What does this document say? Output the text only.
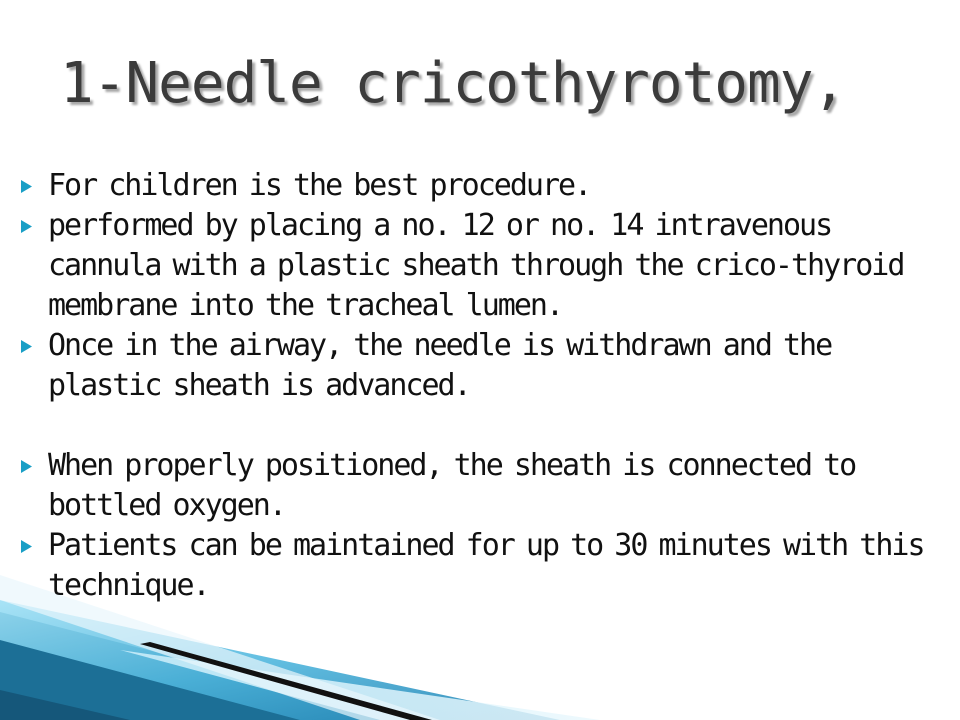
1-Needle cricothyrotomy,
For children is the best procedure.
performed by placing a no. 12 or no. 14 intravenous cannula with a plastic sheath through the crico-thyroid membrane into the tracheal lumen.
Once in the airway, the needle is withdrawn and the plastic sheath is advanced.
When properly positioned, the sheath is connected to bottled oxygen.
Patients can be maintained for up to 30 minutes with this technique.
